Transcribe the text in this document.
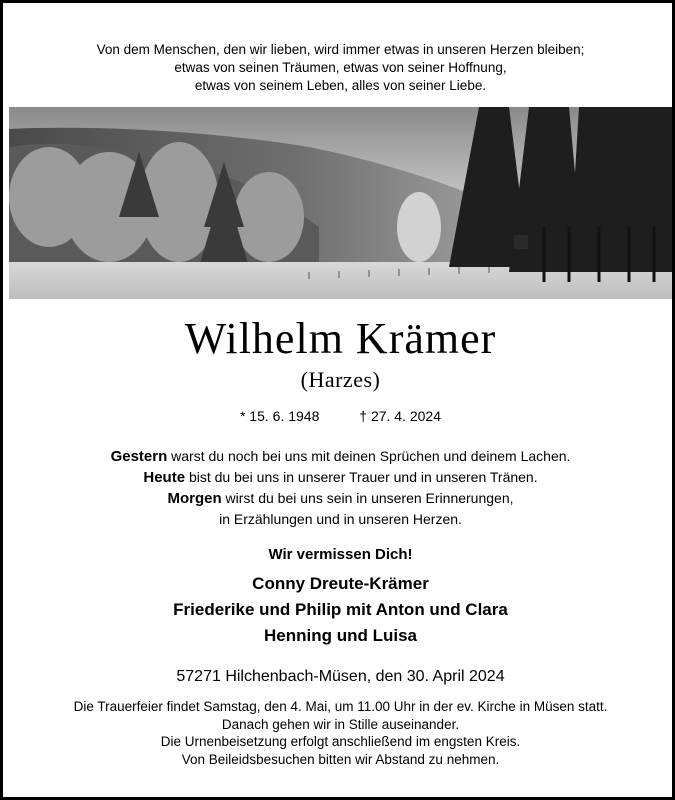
Von dem Menschen, den wir lieben, wird immer etwas in unseren Herzen bleiben;
etwas von seinen Träumen, etwas von seiner Hoffnung,
etwas von seinem Leben, alles von seiner Liebe.
Wilhelm Krämer
(Harzes)
* 15. 6. 1948	† 27. 4. 2024
Gestern warst du noch bei uns mit deinen Sprüchen und deinem Lachen.
Heute bist du bei uns in unserer Trauer und in unseren Tränen.
Morgen wirst du bei uns sein in unseren Erinnerungen,
in Erzählungen und in unseren Herzen.
Wir vermissen Dich!
Conny Dreute-Krämer
Friederike und Philip mit Anton und Clara
Henning und Luisa
57271 Hilchenbach-Müsen, den 30. April 2024
Die Trauerfeier findet Samstag, den 4. Mai, um 11.00 Uhr in der ev. Kirche in Müsen statt.
Danach gehen wir in Stille auseinander.
Die Urnenbeisetzung erfolgt anschließend im engsten Kreis.
Von Beileidsbesuchen bitten wir Abstand zu nehmen.
